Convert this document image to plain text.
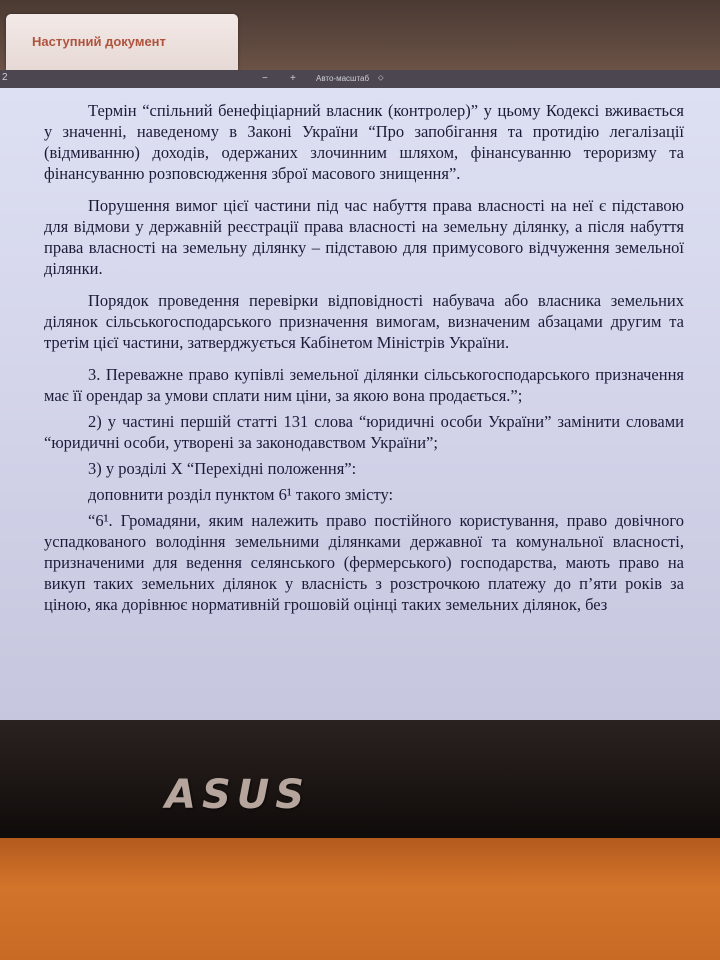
Наступний документ
2	− +	Авто-масштаб ⬦

Термін “спільний бенефіціарний власник (контролер)” у цьому Кодексі вживається у значенні, наведеному в Законі України “Про запобігання та протидію легалізації (відмиванню) доходів, одержаних злочинним шляхом, фінансуванню тероризму та фінансуванню розповсюдження зброї масового знищення”.

Порушення вимог цієї частини під час набуття права власності на неї є підставою для відмови у державній реєстрації права власності на земельну ділянку, а після набуття права власності на земельну ділянку – підставою для примусового відчуження земельної ділянки.

Порядок проведення перевірки відповідності набувача або власника земельних ділянок сільськогосподарського призначення вимогам, визначеним абзацами другим та третім цієї частини, затверджується Кабінетом Міністрів України.

3. Переважне право купівлі земельної ділянки сільськогосподарського призначення має її орендар за умови сплати ним ціни, за якою вона продається.”;

2) у частині першій статті 131 слова “юридичні особи України” замінити словами “юридичні особи, утворені за законодавством України”;

3) у розділі Х “Перехідні положення”:

доповнити розділ пунктом 6¹ такого змісту:

“6¹. Громадяни, яким належить право постійного користування, право довічного успадкованого володіння земельними ділянками державної та комунальної власності, призначеними для ведення селянського (фермерського) господарства, мають право на викуп таких земельних ділянок у власність з розстрочкою платежу до п’яти років за ціною, яка дорівнює нормативній грошовій оцінці таких земельних ділянок, без

ASUS
